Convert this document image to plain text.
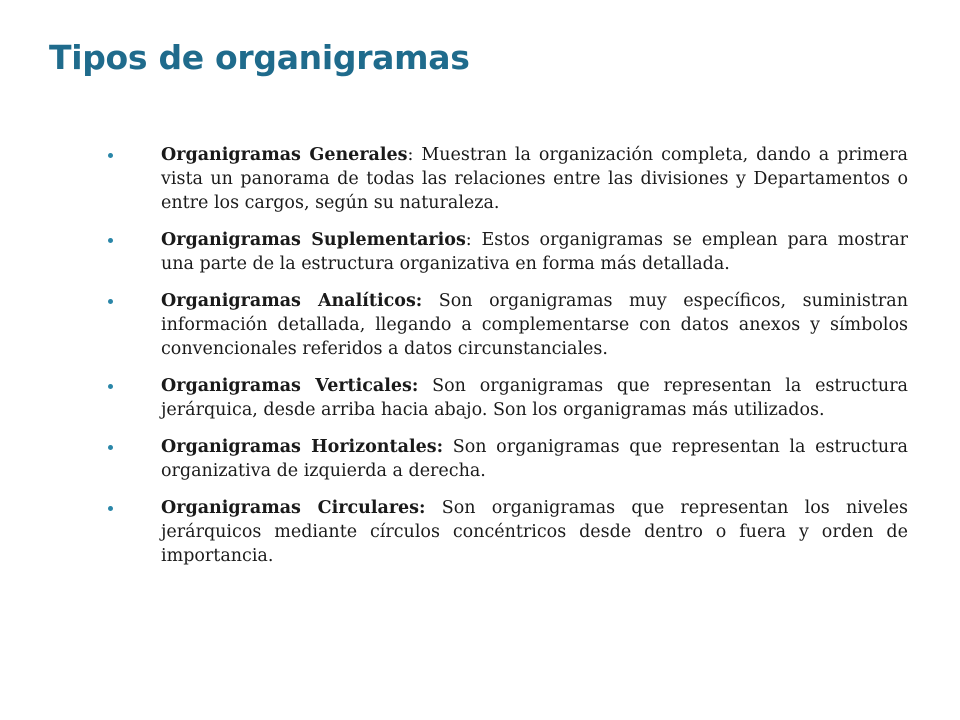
Tipos de organigramas
Organigramas Generales: Muestran la organización completa, dando a primera vista un panorama de todas las relaciones entre las divisiones y Departamentos o entre los cargos, según su naturaleza.
Organigramas Suplementarios: Estos organigramas se emplean para mostrar una parte de la estructura organizativa en forma más detallada.
Organigramas Analíticos: Son organigramas muy específicos, suministran información detallada, llegando a complementarse con datos anexos y símbolos convencionales referidos a datos circunstanciales.
Organigramas Verticales: Son organigramas que representan la estructura jerárquica, desde arriba hacia abajo. Son los organigramas más utilizados.
Organigramas Horizontales: Son organigramas que representan la estructura organizativa de izquierda a derecha.
Organigramas Circulares: Son organigramas que representan los niveles jerárquicos mediante círculos concéntricos desde dentro o fuera y orden de importancia.
